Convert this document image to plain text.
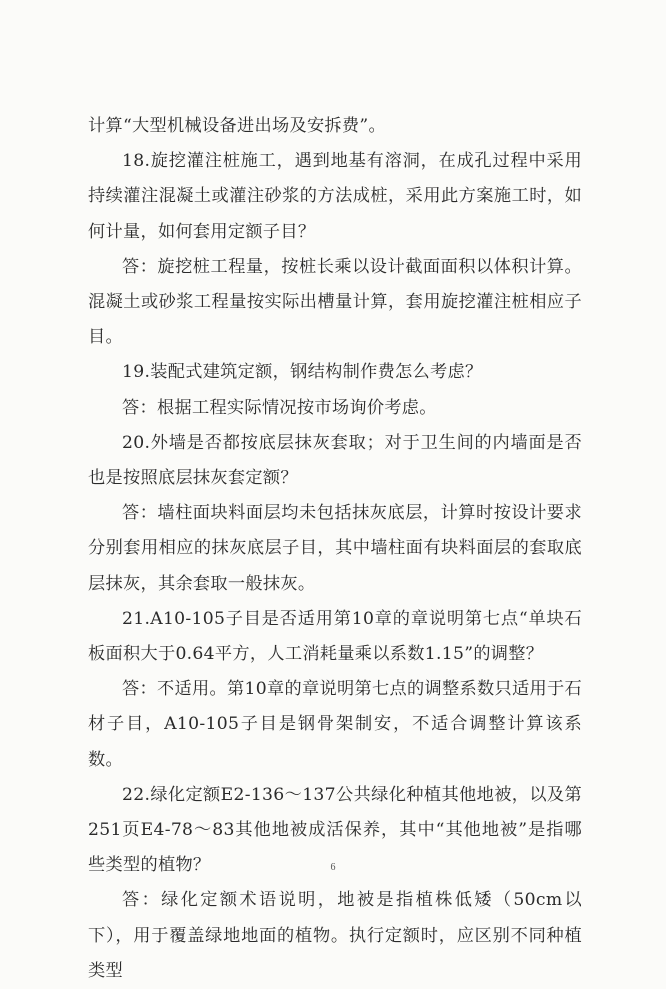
计算“大型机械设备进出场及安拆费”。

18.旋挖灌注桩施工，遇到地基有溶洞，在成孔过程中采用持续灌注混凝土或灌注砂浆的方法成桩，采用此方案施工时，如何计量，如何套用定额子目？

答：旋挖桩工程量，按桩长乘以设计截面面积以体积计算。混凝土或砂浆工程量按实际出槽量计算，套用旋挖灌注桩相应子目。

19.装配式建筑定额，钢结构制作费怎么考虑？

答：根据工程实际情况按市场询价考虑。

20.外墙是否都按底层抹灰套取；对于卫生间的内墙面是否也是按照底层抹灰套定额？

答：墙柱面块料面层均未包括抹灰底层，计算时按设计要求分别套用相应的抹灰底层子目，其中墙柱面有块料面层的套取底层抹灰，其余套取一般抹灰。

21.A10-105子目是否适用第10章的章说明第七点“单块石板面积大于0.64平方，人工消耗量乘以系数1.15”的调整？

答：不适用。第10章的章说明第七点的调整系数只适用于石材子目，A10-105子目是钢骨架制安，不适合调整计算该系数。

22.绿化定额E2-136～137公共绿化种植其他地被，以及第251页E4-78～83其他地被成活保养，其中“其他地被”是指哪些类型的植物？

答：绿化定额术语说明，地被是指植株低矮（50cm以下），用于覆盖绿地地面的植物。执行定额时，应区别不同种植类型

6
